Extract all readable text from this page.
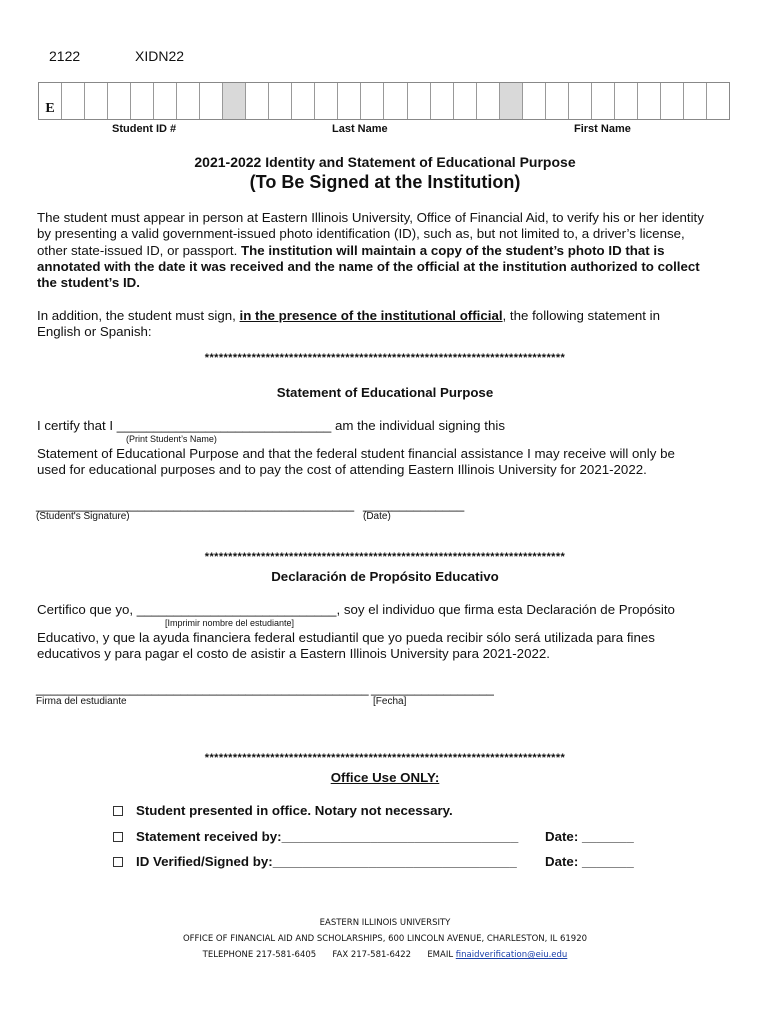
2122	XIDN22
E
Student ID #	Last Name	First Name
2021-2022 Identity and Statement of Educational Purpose
(To Be Signed at the Institution)
The student must appear in person at Eastern Illinois University, Office of Financial Aid, to verify his or her identity
by presenting a valid government-issued photo identification (ID), such as, but not limited to, a driver’s license,
other state-issued ID, or passport. The institution will maintain a copy of the student’s photo ID that is
annotated with the date it was received and the name of the official at the institution authorized to collect
the student’s ID.
In addition, the student must sign, in the presence of the institutional official, the following statement in
English or Spanish:
*****************************************************************************
Statement of Educational Purpose
I certify that I _____________________________ am the individual signing this
(Print Student’s Name)
Statement of Educational Purpose and that the federal student financial assistance I may receive will only be
used for educational purposes and to pay the cost of attending Eastern Illinois University for 2021-2022.
____________________________________________ ______________
(Student's Signature)	(Date)
*****************************************************************************
Declaración de Propósito Educativo
Certifico que yo, ___________________________, soy el individuo que firma esta Declaración de Propósito
[Imprimir nombre del estudiante]
Educativo, y que la ayuda financiera federal estudiantil que yo pueda recibir sólo será utilizada para fines
educativos y para pagar el costo de asistir a Eastern Illinois University para 2021-2022.
______________________________________________ _________________
Firma del estudiante	[Fecha]
*****************************************************************************
Office Use ONLY:
Student presented in office. Notary not necessary.
Statement received by:________________________________ Date: _______
ID Verified/Signed by:_________________________________ Date: _______
EASTERN ILLINOIS UNIVERSITY
OFFICE OF FINANCIAL AID AND SCHOLARSHIPS, 600 LINCOLN AVENUE, CHARLESTON, IL 61920
TELEPHONE 217-581-6405 FAX 217-581-6422 EMAIL finaidverification@eiu.edu
